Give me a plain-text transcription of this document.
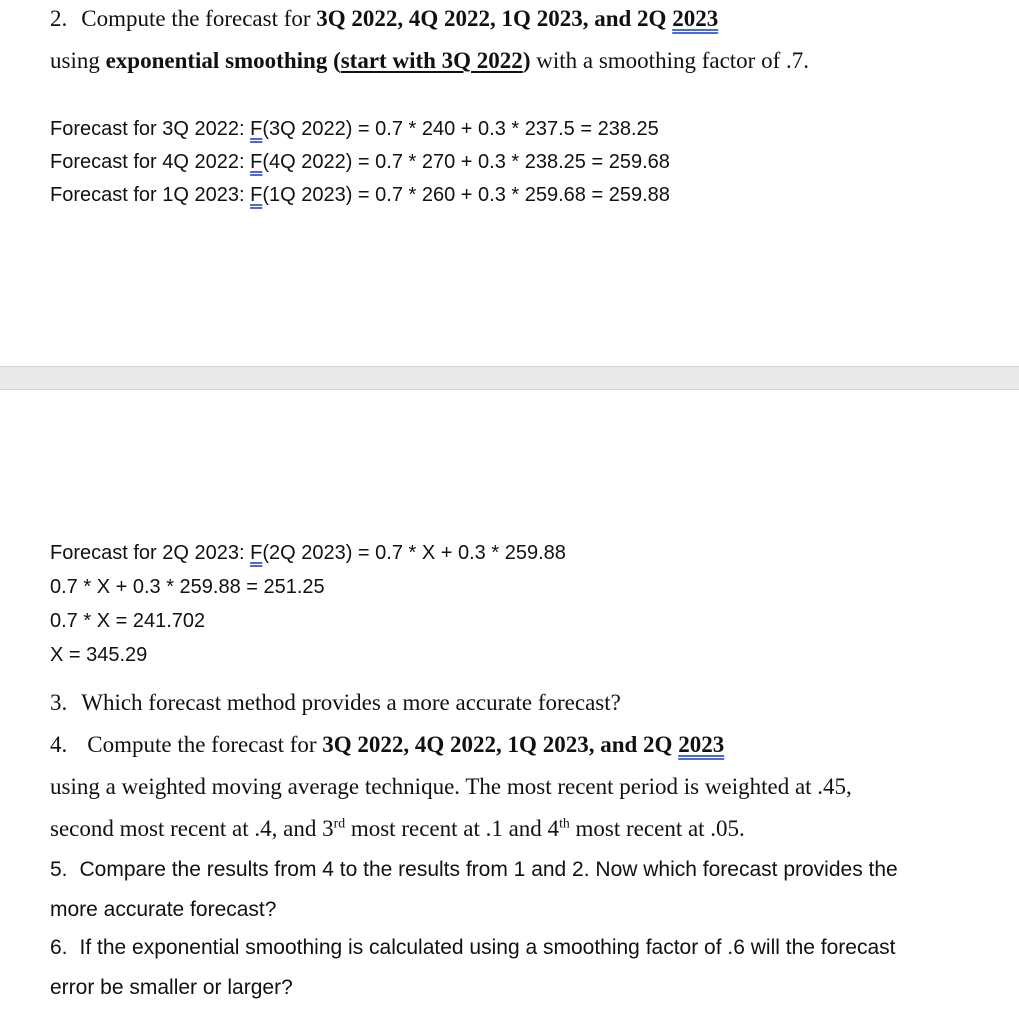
2. Compute the forecast for 3Q 2022, 4Q 2022, 1Q 2023, and 2Q 2023
using exponential smoothing (start with 3Q 2022) with a smoothing factor of .7.
Forecast for 3Q 2022: F(3Q 2022) = 0.7 * 240 + 0.3 * 237.5 = 238.25
Forecast for 4Q 2022: F(4Q 2022) = 0.7 * 270 + 0.3 * 238.25 = 259.68
Forecast for 1Q 2023: F(1Q 2023) = 0.7 * 260 + 0.3 * 259.68 = 259.88
Forecast for 2Q 2023: F(2Q 2023) = 0.7 * X + 0.3 * 259.88
0.7 * X + 0.3 * 259.88 = 251.25
0.7 * X = 241.702
X = 345.29
3. Which forecast method provides a more accurate forecast?
4. Compute the forecast for 3Q 2022, 4Q 2022, 1Q 2023, and 2Q 2023
using a weighted moving average technique. The most recent period is weighted at .45,
second most recent at .4, and 3rd most recent at .1 and 4th most recent at .05.
5. Compare the results from 4 to the results from 1 and 2. Now which forecast provides the
more accurate forecast?
6. If the exponential smoothing is calculated using a smoothing factor of .6 will the forecast
error be smaller or larger?
